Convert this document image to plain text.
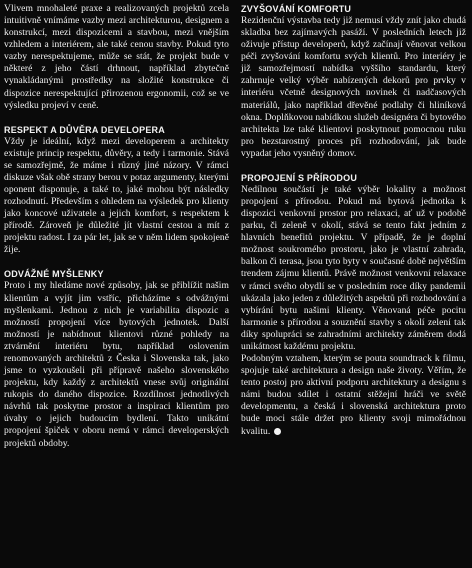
Vlivem mnohaleté praxe a realizovaných projektů zcela intuitivně vnímáme vazby mezi architekturou, designem a konstrukcí, mezi dispozicemi a stavbou, mezi vnějším vzhledem a interiérem, ale také cenou stavby. Pokud tyto vazby nerespektujeme, může se stát, že projekt bude v některé z jeho částí drhnout, například zbytečně vynakládanými prostředky na složité konstrukce či dispozice nerespektující přirozenou ergonomii, což se ve výsledku projeví v ceně.

RESPEKT A DŮVĚRA DEVELOPERA

Vždy je ideální, když mezi developerem a architekty existuje princip respektu, důvěry, a tedy i tarmonie. Stává se samozřejmě, že máme i různý jiné názory. V rámci diskuze však obě strany berou v potaz argumenty, kterými oponent disponuje, a také to, jaké mohou být následky rozhodnutí. Především s ohledem na výsledek pro klienty jako koncové uživatele a jejich komfort, s respektem k přírodě. Zároveň je důležité jít vlastní cestou a mít z projektu radost. I za pár let, jak se v něm lidem spokojeně žije.

ODVÁŽNÉ MYŠLENKY

Proto i my hledáme nové způsoby, jak se přiblížit našim klientům a vyjít jim vstříc, přicházíme s odvážnými myšlenkami. Jednou z nich je variabilita dispozic a možností propojení více bytových jednotek. Další možností je nabídnout klientovi různé pohledy na ztvárnění interiéru bytu, například oslovením renomovaných architektů z Česka i Slovenska tak, jako jsme to vyzkoušeli při přípravě našeho slovenského projektu, kdy každý z architektů vnese svůj originální rukopis do daného dispozice. Rozdílnost jednotlivých návrhů tak poskytne prostor a inspiraci klientům pro úvahy o jejich budoucím bydlení. Takto unikátní propojení špiček v oboru nemá v rámci developerských projektů obdoby.

ZVYŠOVÁNÍ KOMFORTU

Rezidenční výstavba tedy již nemusí vždy znít jako chudá skladba bez zajímavých pasáží. V posledních letech již oživuje přístup developerů, když začínají věnovat velkou péči zvyšování komfortu svých klientů. Pro interiéry je již samozřejmostí nabídka vyššího standardu, který zahrnuje velký výběr nabízených dekorů pro prvky v interiéru včetně designových novinek či nadčasových materiálů, jako například dřevěné podlahy či hliníková okna. Doplňkovou nabídkou služeb designéra či bytového architekta lze také klientovi poskytnout pomocnou ruku pro bezstarostný proces při rozhodování, jak bude vypadat jeho vysněný domov.

PROPOJENÍ S PŘÍRODOU

Nedílnou součástí je také výběr lokality a možnost propojení s přírodou. Pokud má bytová jednotka k dispozici venkovní prostor pro relaxaci, ať už v podobě parku, či zeleně v okolí, stává se tento fakt jedním z hlavních benefitů projektu. V případě, že je doplní možnost soukromého prostoru, jako je vlastní zahrada, balkon či terasa, jsou tyto byty v současné době největším trendem zájmu klientů. Právě možnost venkovní relaxace v rámci svého obydlí se v posledním roce díky pandemii ukázala jako jeden z důležitých aspektů při rozhodování a vybírání bytu našimi klienty. Věnovaná péče pocitu harmonie s přírodou a souznění stavby s okolí zelení tak díky spolupráci se zahradními architekty záměrem dodá unikátnost každému projektu.

Podobným vztahem, kterým se pouta soundtrack k filmu, spojuje také architektura a design naše životy. Věřím, že tento postoj pro aktivní podporu architektury a designu s námi budou sdílet i ostatní stěžejní hráči ve světě developmentu, a česká i slovenská architektura proto bude moci stále držet pro klienty svoji mimořádnou kvalitu.
